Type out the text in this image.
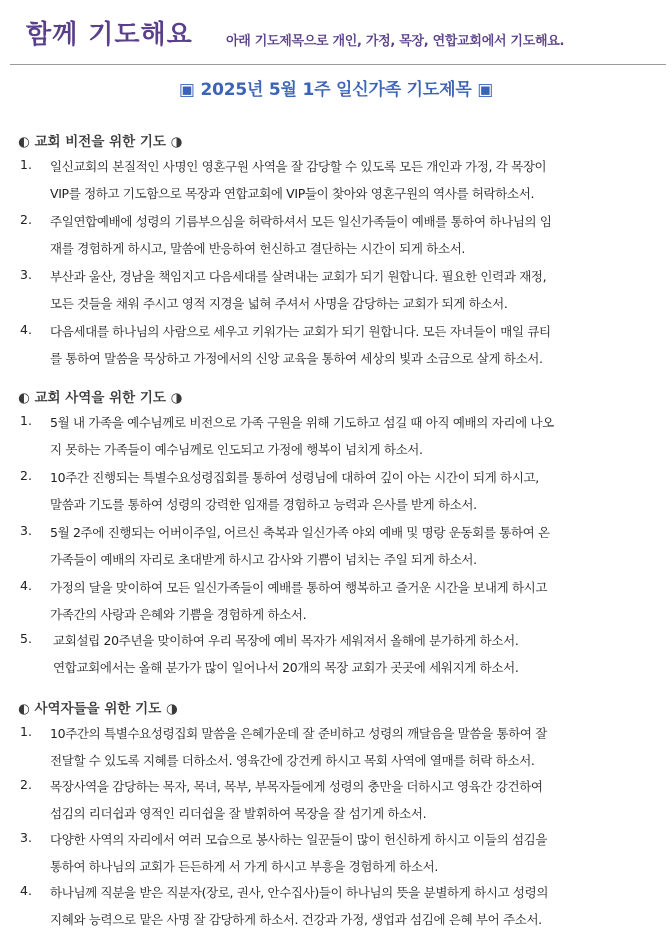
함께 기도해요	아래 기도제목으로 개인, 가정, 목장, 연합교회에서 기도해요.
▣ 2025년 5월 1주 일신가족 기도제목 ▣
◐ 교회 비전을 위한 기도 ◑
1. 일신교회의 본질적인 사명인 영혼구원 사역을 잘 감당할 수 있도록 모든 개인과 가정, 각 목장이
VIP를 정하고 기도함으로 목장과 연합교회에 VIP들이 찾아와 영혼구원의 역사를 허락하소서.
2. 주일연합예배에 성령의 기름부으심을 허락하셔서 모든 일신가족들이 예배를 통하여 하나님의 임
재를 경험하게 하시고, 말씀에 반응하여 헌신하고 결단하는 시간이 되게 하소서.
3. 부산과 울산, 경남을 책임지고 다음세대를 살려내는 교회가 되기 원합니다. 필요한 인력과 재정,
모든 것들을 채워 주시고 영적 지경을 넓혀 주셔서 사명을 감당하는 교회가 되게 하소서.
4. 다음세대를 하나님의 사람으로 세우고 키워가는 교회가 되기 원합니다. 모든 자녀들이 매일 큐티
를 통하여 말씀을 묵상하고 가정에서의 신앙 교육을 통하여 세상의 빛과 소금으로 살게 하소서.
◐ 교회 사역을 위한 기도 ◑
1. 5월 내 가족을 예수님께로 비전으로 가족 구원을 위해 기도하고 섬길 때 아직 예배의 자리에 나오
지 못하는 가족들이 예수님께로 인도되고 가정에 행복이 넘치게 하소서.
2. 10주간 진행되는 특별수요성령집회를 통하여 성령님에 대하여 깊이 아는 시간이 되게 하시고,
말씀과 기도를 통하여 성령의 강력한 임재를 경험하고 능력과 은사를 받게 하소서.
3. 5월 2주에 진행되는 어버이주일, 어르신 축복과 일신가족 야외 예배 및 명랑 운동회를 통하여 온
가족들이 예배의 자리로 초대받게 하시고 감사와 기쁨이 넘치는 주일 되게 하소서.
4. 가정의 달을 맞이하여 모든 일신가족들이 예배를 통하여 행복하고 즐거운 시간을 보내게 하시고
가족간의 사랑과 은혜와 기쁨을 경험하게 하소서.
5. 교회설립 20주년을 맞이하여 우리 목장에 예비 목자가 세워져서 올해에 분가하게 하소서.
연합교회에서는 올해 분가가 많이 일어나서 20개의 목장 교회가 곳곳에 세워지게 하소서.
◐ 사역자들을 위한 기도 ◑
1. 10주간의 특별수요성령집회 말씀을 은혜가운데 잘 준비하고 성령의 깨달음을 말씀을 통하여 잘
전달할 수 있도록 지혜를 더하소서. 영육간에 강건케 하시고 목회 사역에 열매를 허락 하소서.
2. 목장사역을 감당하는 목자, 목녀, 목부, 부목자들에게 성령의 충만을 더하시고 영육간 강건하여
섬김의 리더쉽과 영적인 리더쉽을 잘 발휘하여 목장을 잘 섬기게 하소서.
3. 다양한 사역의 자리에서 여러 모습으로 봉사하는 일꾼들이 많이 헌신하게 하시고 이들의 섬김을
통하여 하나님의 교회가 든든하게 서 가게 하시고 부흥을 경험하게 하소서.
4. 하나님께 직분을 받은 직분자(장로, 권사, 안수집사)들이 하나님의 뜻을 분별하게 하시고 성령의
지혜와 능력으로 맡은 사명 잘 감당하게 하소서. 건강과 가정, 생업과 섬김에 은혜 부어 주소서.
